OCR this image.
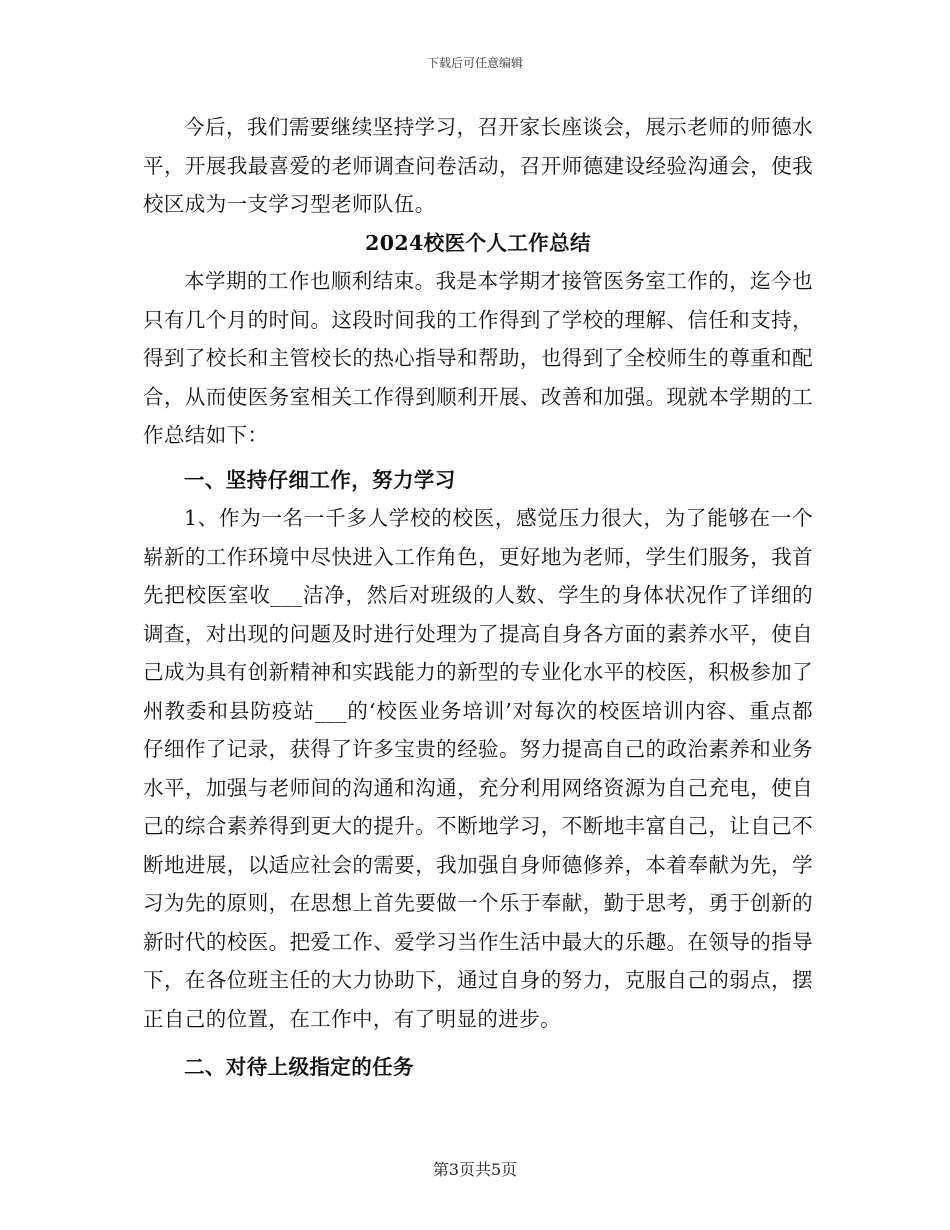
下载后可任意编辑

今后，我们需要继续坚持学习，召开家长座谈会，展示老师的师德水平，开展我最喜爱的老师调查问卷活动，召开师德建设经验沟通会，使我校区成为一支学习型老师队伍。

2024校医个人工作总结

本学期的工作也顺利结束。我是本学期才接管医务室工作的，迄今也只有几个月的时间。这段时间我的工作得到了学校的理解、信任和支持，得到了校长和主管校长的热心指导和帮助，也得到了全校师生的尊重和配合，从而使医务室相关工作得到顺利开展、改善和加强。现就本学期的工作总结如下：

一、坚持仔细工作，努力学习

1、作为一名一千多人学校的校医，感觉压力很大，为了能够在一个崭新的工作环境中尽快进入工作角色，更好地为老师，学生们服务，我首先把校医室收___洁净，然后对班级的人数、学生的身体状况作了详细的调查，对出现的问题及时进行处理为了提高自身各方面的素养水平，使自己成为具有创新精神和实践能力的新型的专业化水平的校医，积极参加了州教委和县防疫站___的‘校医业务培训’对每次的校医培训内容、重点都仔细作了记录，获得了许多宝贵的经验。努力提高自己的政治素养和业务水平，加强与老师间的沟通和沟通，充分利用网络资源为自己充电，使自己的综合素养得到更大的提升。不断地学习，不断地丰富自己，让自己不断地进展，以适应社会的需要，我加强自身师德修养，本着奉献为先，学习为先的原则，在思想上首先要做一个乐于奉献，勤于思考，勇于创新的新时代的校医。把爱工作、爱学习当作生活中最大的乐趣。在领导的指导下，在各位班主任的大力协助下，通过自身的努力，克服自己的弱点，摆正自己的位置，在工作中，有了明显的进步。

二、对待上级指定的任务

第3页共5页
